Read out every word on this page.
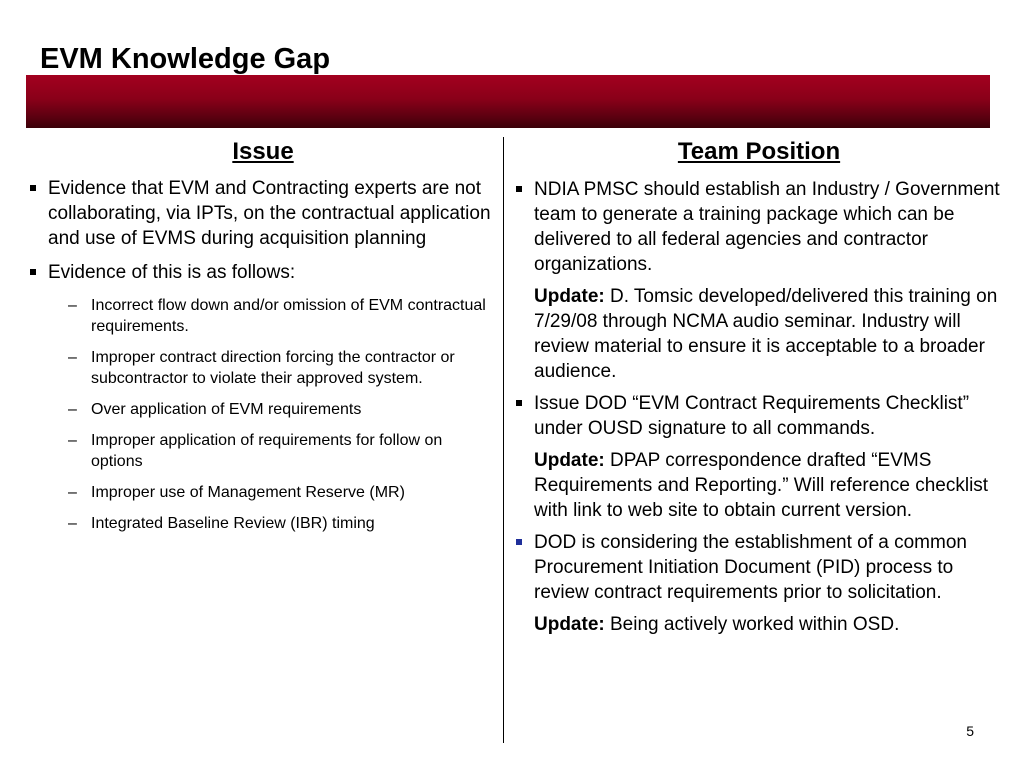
EVM Knowledge Gap
Issue
Evidence that EVM and Contracting experts are not collaborating, via IPTs, on the contractual application and use of EVMS during acquisition planning
Evidence of this is as follows:
– Incorrect flow down and/or omission of EVM contractual requirements.
– Improper contract direction forcing the contractor or subcontractor to violate their approved system.
– Over application of EVM requirements
– Improper application of requirements for follow on options
– Improper use of Management Reserve (MR)
– Integrated Baseline Review (IBR) timing
Team Position
NDIA PMSC should establish an Industry / Government team to generate a training package which can be delivered to all federal agencies and contractor organizations.
Update: D. Tomsic developed/delivered this training on 7/29/08 through NCMA audio seminar. Industry will review material to ensure it is acceptable to a broader audience.
Issue DOD “EVM Contract Requirements Checklist” under OUSD signature to all commands.
Update: DPAP correspondence drafted “EVMS Requirements and Reporting.” Will reference checklist with link to web site to obtain current version.
DOD is considering the establishment of a common Procurement Initiation Document (PID) process to review contract requirements prior to solicitation.
Update: Being actively worked within OSD.
5
